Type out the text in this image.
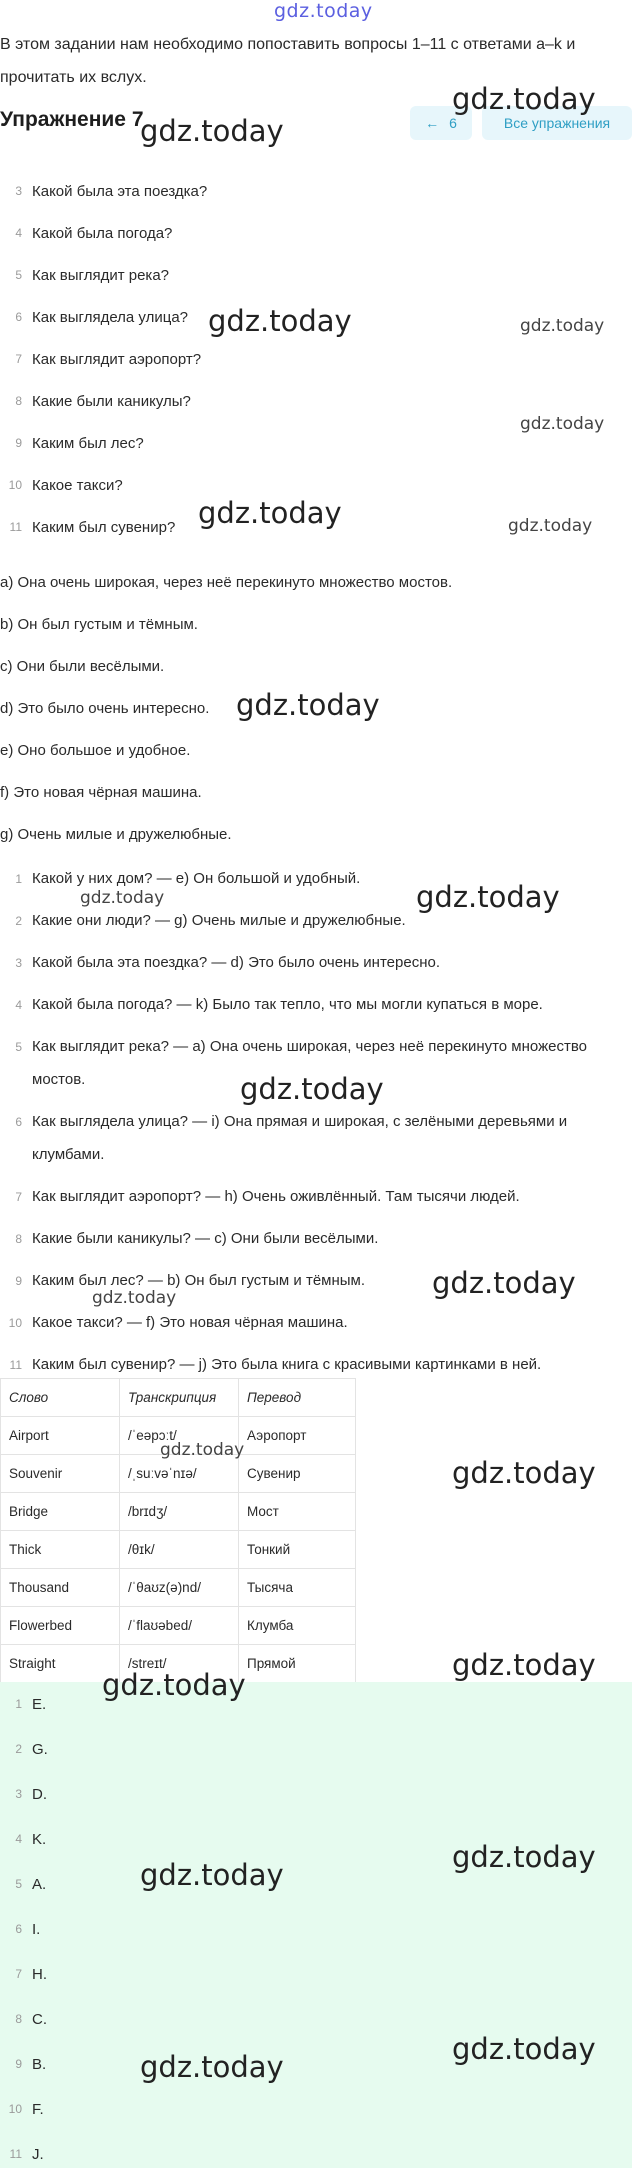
gdz.today

В этом задании нам необходимо попоставить вопросы 1–11 с ответами a–k и прочитать их вслух.

Упражнение 7	← 6	Все упражнения
3 Какой была эта поездка?
4 Какой была погода?
5 Как выглядит река?
6 Как выглядела улица?
7 Как выглядит аэропорт?
8 Какие были каникулы?
9 Каким был лес?
10 Какое такси?
11 Каким был сувенир?
a) Она очень широкая, через неё перекинуто множество мостов.
b) Он был густым и тёмным.
c) Они были весёлыми.
d) Это было очень интересно.
e) Оно большое и удобное.
f) Это новая чёрная машина.
g) Очень милые и дружелюбные.
1 Какой у них дом? — e) Он большой и удобный.
2 Какие они люди? — g) Очень милые и дружелюбные.
3 Какой была эта поездка? — d) Это было очень интересно.
4 Какой была погода? — k) Было так тепло, что мы могли купаться в море.
5 Как выглядит река? — a) Она очень широкая, через неё перекинуто множество мостов.
6 Как выглядела улица? — i) Она прямая и широкая, с зелёными деревьями и клумбами.
7 Как выглядит аэропорт? — h) Очень оживлённый. Там тысячи людей.
8 Какие были каникулы? — c) Они были весёлыми.
9 Каким был лес? — b) Он был густым и тёмным.
10 Какое такси? — f) Это новая чёрная машина.
11 Каким был сувенир? — j) Это была книга с красивыми картинками в ней.
Слово	Транскрипция	Перевод
Airport	/ˈeəpɔːt/	Аэропорт
Souvenir	/ˌsuːvəˈnɪə/	Сувенир
Bridge	/brɪdʒ/	Мост
Thick	/θɪk/	Тонкий
Thousand	/ˈθaʊz(ə)nd/	Тысяча
Flowerbed	/ˈflaʊəbed/	Клумба
Straight	/streɪt/	Прямой
1 E.
2 G.
3 D.
4 K.
5 A.
6 I.
7 H.
8 C.
9 B.
10 F.
11 J.
gdz.today
gdz.today
gdz.today	gdz.today
gdz.today
gdz.today	gdz.today
gdz.today
gdz.today
gdz.today
gdz.today
gdz.today
gdz.today
gdz.today
gdz.today
gdz.today
gdz.today
gdz.today
gdz.today
gdz.today
gdz.today
